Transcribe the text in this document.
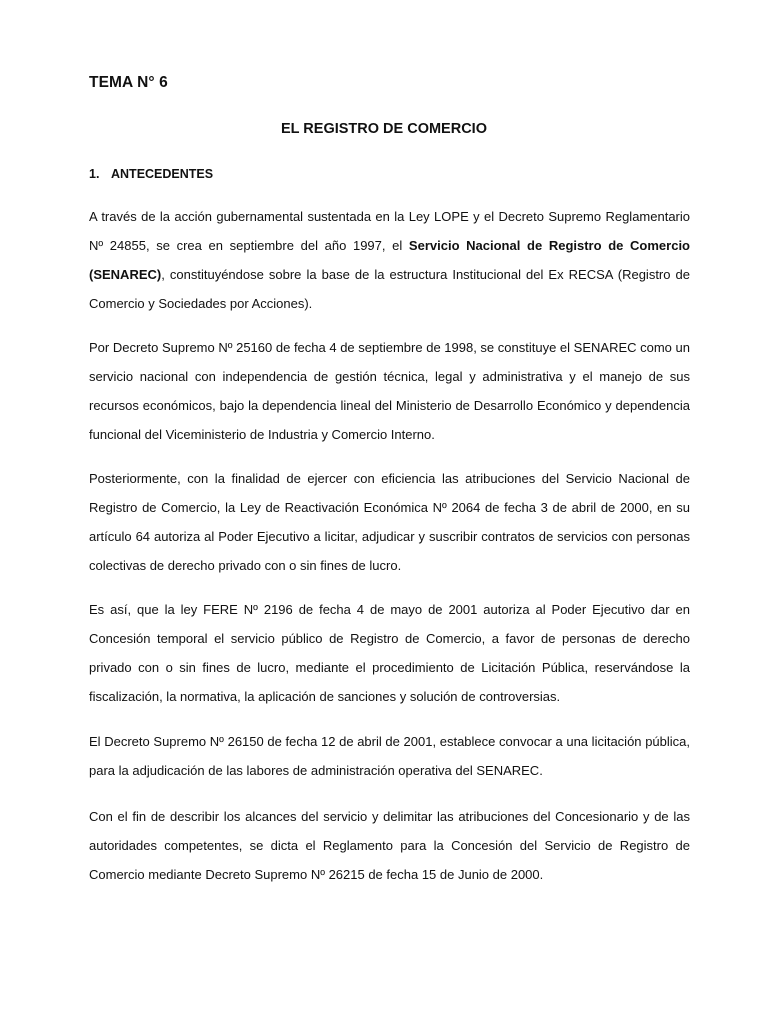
TEMA N° 6
EL REGISTRO DE COMERCIO
1. ANTECEDENTES

A través de la acción gubernamental sustentada en la Ley LOPE y el Decreto Supremo Reglamentario Nº 24855, se crea en septiembre del año 1997, el Servicio Nacional de Registro de Comercio (SENAREC), constituyéndose sobre la base de la estructura Institucional del Ex RECSA (Registro de Comercio y Sociedades por Acciones).

Por Decreto Supremo Nº 25160 de fecha 4 de septiembre de 1998, se constituye el SENAREC como un servicio nacional con independencia de gestión técnica, legal y administrativa y el manejo de sus recursos económicos, bajo la dependencia lineal del Ministerio de Desarrollo Económico y dependencia funcional del Viceministerio de Industria y Comercio Interno.

Posteriormente, con la finalidad de ejercer con eficiencia las atribuciones del Servicio Nacional de Registro de Comercio, la Ley de Reactivación Económica Nº 2064 de fecha 3 de abril de 2000, en su artículo 64 autoriza al Poder Ejecutivo a licitar, adjudicar y suscribir contratos de servicios con personas colectivas de derecho privado con o sin fines de lucro.

Es así, que la ley FERE Nº 2196 de fecha 4 de mayo de 2001 autoriza al Poder Ejecutivo dar en Concesión temporal el servicio público de Registro de Comercio, a favor de personas de derecho privado con o sin fines de lucro, mediante el procedimiento de Licitación Pública, reservándose la fiscalización, la normativa, la aplicación de sanciones y solución de controversias.

El Decreto Supremo Nº 26150 de fecha 12 de abril de 2001, establece convocar a una licitación pública, para la adjudicación de las labores de administración operativa del SENAREC.

Con el fin de describir los alcances del servicio y delimitar las atribuciones del Concesionario y de las autoridades competentes, se dicta el Reglamento para la Concesión del Servicio de Registro de Comercio mediante Decreto Supremo Nº 26215 de fecha 15 de Junio de 2000.
